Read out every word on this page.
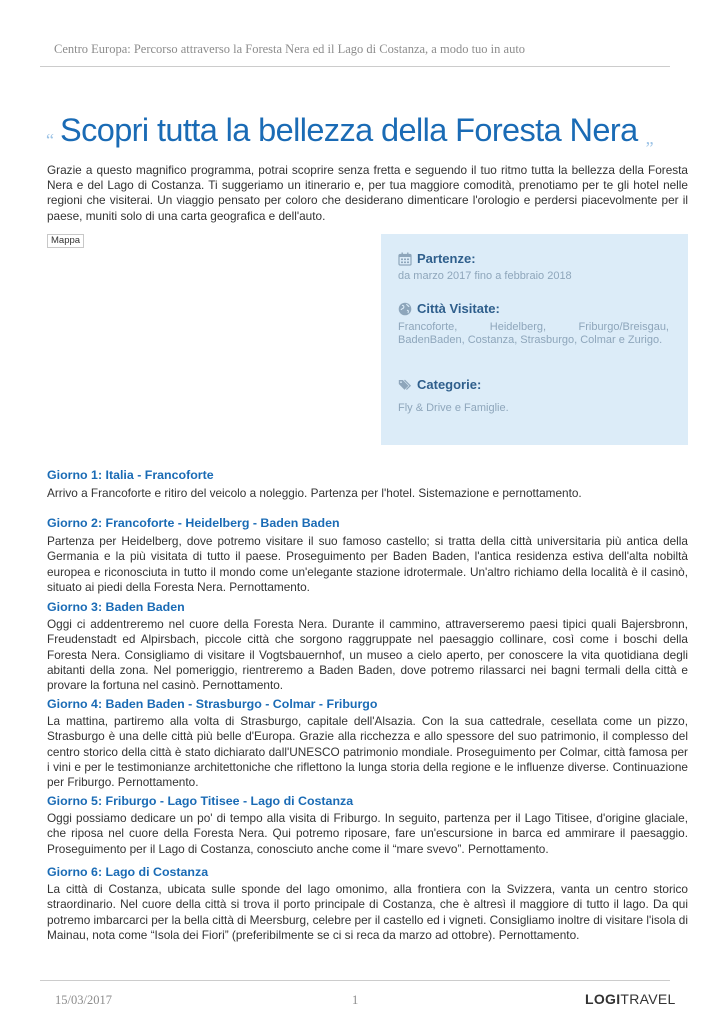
Centro Europa: Percorso attraverso la Foresta Nera ed il Lago di Costanza, a modo tuo in auto
“ Scopri tutta la bellezza della Foresta Nera „
Grazie a questo magnifico programma, potrai scoprire senza fretta e seguendo il tuo ritmo tutta la bellezza della Foresta Nera e del Lago di Costanza. Ti suggeriamo un itinerario e, per tua maggiore comodità, prenotiamo per te gli hotel nelle regioni che visiterai. Un viaggio pensato per coloro che desiderano dimenticare l'orologio e perdersi piacevolmente per il paese, muniti solo di una carta geografica e dell'auto.
Mappa
Partenze:
da marzo 2017 fino a febbraio 2018
Città Visitate:
Francoforte, Heidelberg, Friburgo/Breisgau, BadenBaden, Costanza, Strasburgo, Colmar e Zurigo.
Categorie:
Fly & Drive e Famiglie.
Giorno 1: Italia - Francoforte
Arrivo a Francoforte e ritiro del veicolo a noleggio. Partenza per l'hotel. Sistemazione e pernottamento.
Giorno 2: Francoforte - Heidelberg - Baden Baden
Partenza per Heidelberg, dove potremo visitare il suo famoso castello; si tratta della città universitaria più antica della Germania e la più visitata di tutto il paese. Proseguimento per Baden Baden, l'antica residenza estiva dell'alta nobiltà europea e riconosciuta in tutto il mondo come un'elegante stazione idrotermale. Un'altro richiamo della località è il casinò, situato ai piedi della Foresta Nera. Pernottamento.
Giorno 3: Baden Baden
Oggi ci addentreremo nel cuore della Foresta Nera. Durante il cammino, attraverseremo paesi tipici quali Bajersbronn, Freudenstadt ed Alpirsbach, piccole città che sorgono raggruppate nel paesaggio collinare, così come i boschi della Foresta Nera. Consigliamo di visitare il Vogtsbauernhof, un museo a cielo aperto, per conoscere la vita quotidiana degli abitanti della zona. Nel pomeriggio, rientreremo a Baden Baden, dove potremo rilassarci nei bagni termali della città e provare la fortuna nel casinò. Pernottamento.
Giorno 4: Baden Baden - Strasburgo - Colmar - Friburgo
La mattina, partiremo alla volta di Strasburgo, capitale dell'Alsazia. Con la sua cattedrale, cesellata come un pizzo, Strasburgo è una delle città più belle d'Europa. Grazie alla ricchezza e allo spessore del suo patrimonio, il complesso del centro storico della città è stato dichiarato dall'UNESCO patrimonio mondiale. Proseguimento per Colmar, città famosa per i vini e per le testimonianze architettoniche che riflettono la lunga storia della regione e le influenze diverse. Continuazione per Friburgo. Pernottamento.
Giorno 5: Friburgo - Lago Titisee - Lago di Costanza
Oggi possiamo dedicare un po' di tempo alla visita di Friburgo. In seguito, partenza per il Lago Titisee, d'origine glaciale, che riposa nel cuore della Foresta Nera. Qui potremo riposare, fare un'escursione in barca ed ammirare il paesaggio. Proseguimento per il Lago di Costanza, conosciuto anche come il “mare svevo”. Pernottamento.
Giorno 6: Lago di Costanza
La città di Costanza, ubicata sulle sponde del lago omonimo, alla frontiera con la Svizzera, vanta un centro storico straordinario. Nel cuore della città si trova il porto principale di Costanza, che è altresì il maggiore di tutto il lago. Da qui potremo imbarcarci per la bella città di Meersburg, celebre per il castello ed i vigneti. Consigliamo inoltre di visitare l'isola di Mainau, nota come “Isola dei Fiori” (preferibilmente se ci si reca da marzo ad ottobre). Pernottamento.
15/03/2017	1	LOGITRAVEL
